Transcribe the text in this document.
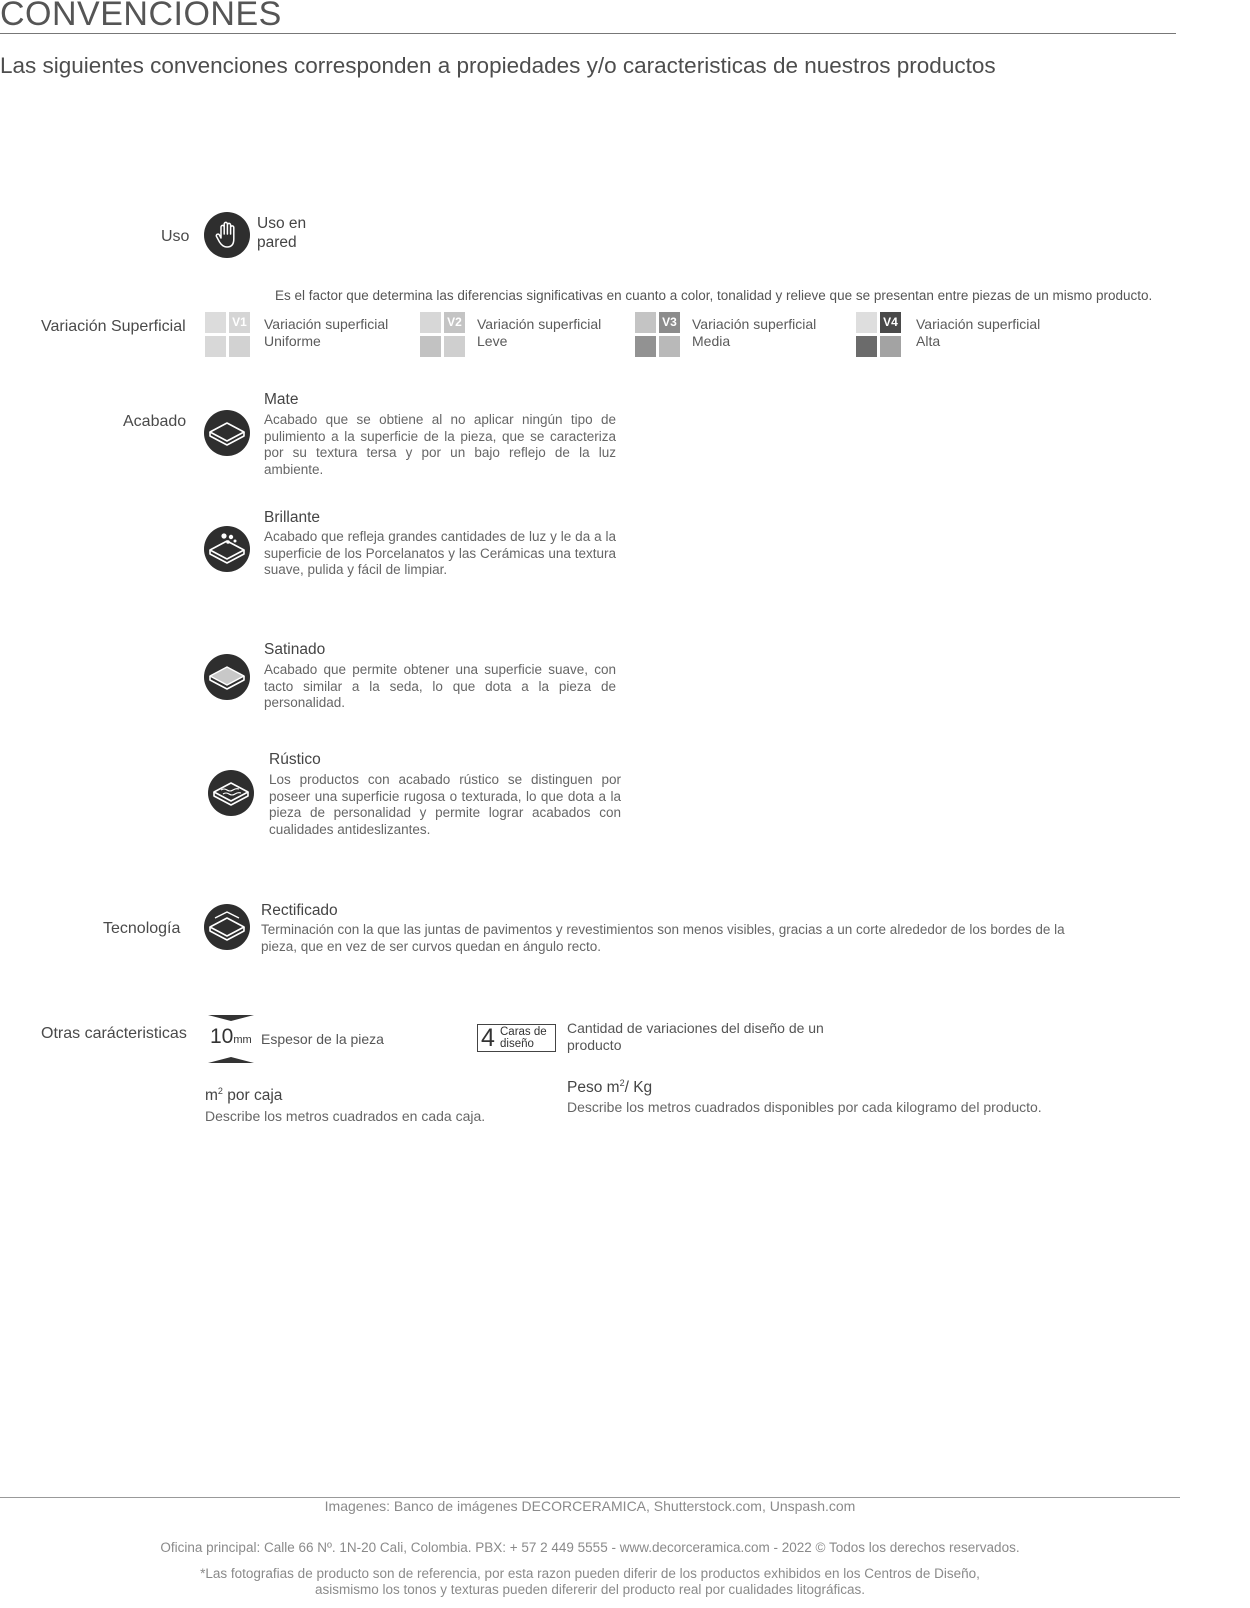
CONVENCIONES
Las siguientes convenciones corresponden a propiedades y/o caracteristicas de nuestros productos
Uso
Uso en
pared
Es el factor que determina las diferencias significativas en cuanto a color, tonalidad y relieve que se presentan entre piezas de un mismo producto.
Variación Superficial	V1 Variación superficial
Uniforme
V2 Variación superficial
Leve
V3 Variación superficial
Media
V4 Variación superficial
Alta
Acabado
Mate
Acabado que se obtiene al no aplicar ningún tipo de pulimiento a la superficie de la pieza, que se caracteriza por su textura tersa y por un bajo reflejo de la luz ambiente.
Brillante
Acabado que refleja grandes cantidades de luz y le da a la superficie de los Porcelanatos y las Cerámicas una textura suave, pulida y fácil de limpiar.
Satinado
Acabado que permite obtener una superficie suave, con tacto similar a la seda, lo que dota a la pieza de personalidad.
Rústico
Los productos con acabado rústico se distinguen por poseer una superficie rugosa o texturada, lo que dota a la pieza de personalidad y permite lograr acabados con cualidades antideslizantes.
Tecnología
Rectificado
Terminación con la que las juntas de pavimentos y revestimientos son menos visibles, gracias a un corte alrededor de los bordes de la pieza, que en vez de ser curvos quedan en ángulo recto.
Otras carácteristicas 10mm Espesor de la pieza	4 Caras de
diseño
Cantidad de variaciones del diseño de un producto
$m^2$ por caja
Describe los metros cuadrados en cada caja.
Peso $m^2/$ Kg
Describe los metros cuadrados disponibles por cada kilogramo del producto.
Imagenes: Banco de imágenes DECORCERAMICA, Shutterstock.com, Unspash.com
Oficina principal: Calle 66 Nº. 1N-20 Cali, Colombia. PBX: + 57 2 449 5555 - www.decorceramica.com - 2022 © Todos los derechos reservados.
*Las fotografias de producto son de referencia, por esta razon pueden diferir de los productos exhibidos en los Centros de Diseño,
asismismo los tonos y texturas pueden difererir del producto real por cualidades litográficas.
